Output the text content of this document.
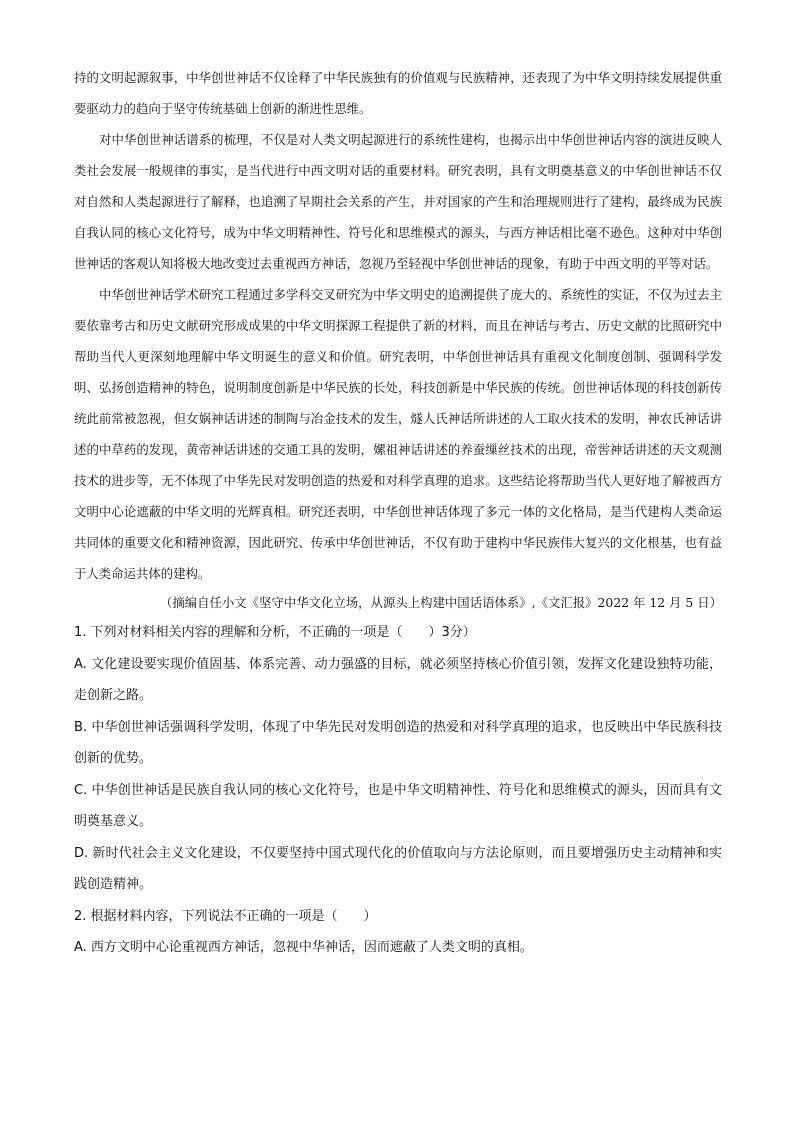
持的文明起源叙事，中华创世神话不仅诠释了中华民族独有的价值观与民族精神，还表现了为中华文明持续发展提供重要驱动力的趋向于坚守传统基础上创新的渐进性思维。

对中华创世神话谱系的梳理，不仅是对人类文明起源进行的系统性建构，也揭示出中华创世神话内容的演进反映人类社会发展一般规律的事实，是当代进行中西文明对话的重要材料。研究表明，具有文明奠基意义的中华创世神话不仅对自然和人类起源进行了解释，也追溯了早期社会关系的产生，并对国家的产生和治理规则进行了建构，最终成为民族自我认同的核心文化符号，成为中华文明精神性、符号化和思维模式的源头，与西方神话相比毫不逊色。这种对中华创世神话的客观认知将极大地改变过去重视西方神话，忽视乃至轻视中华创世神话的现象，有助于中西文明的平等对话。

中华创世神话学术研究工程通过多学科交叉研究为中华文明史的追溯提供了庞大的、系统性的实证，不仅为过去主要依靠考古和历史文献研究形成成果的中华文明探源工程提供了新的材料，而且在神话与考古、历史文献的比照研究中帮助当代人更深刻地理解中华文明诞生的意义和价值。研究表明，中华创世神话具有重视文化制度创制、强调科学发明、弘扬创造精神的特色，说明制度创新是中华民族的长处，科技创新是中华民族的传统。创世神话体现的科技创新传统此前常被忽视，但女娲神话讲述的制陶与冶金技术的发生，燧人氏神话所讲述的人工取火技术的发明，神农氏神话讲述的中草药的发现，黄帝神话讲述的交通工具的发明，嫘祖神话讲述的养蚕缫丝技术的出现，帝喾神话讲述的天文观测技术的进步等，无不体现了中华先民对发明创造的热爱和对科学真理的追求。这些结论将帮助当代人更好地了解被西方文明中心论遮蔽的中华文明的光辉真相。研究还表明，中华创世神话体现了多元一体的文化格局，是当代建构人类命运共同体的重要文化和精神资源，因此研究、传承中华创世神话，不仅有助于建构中华民族伟大复兴的文化根基，也有益于人类命运共体的建构。

（摘编自任小文《坚守中华文化立场，从源头上构建中国话语体系》,《文汇报》2022 年 12 月 5 日）

1. 下列对材料相关内容的理解和分析，不正确的一项是（　　）3分）

A. 文化建设要实现价值固基、体系完善、动力强盛的目标，就必须坚持核心价值引领，发挥文化建设独特功能，走创新之路。

B. 中华创世神话强调科学发明，体现了中华先民对发明创造的热爱和对科学真理的追求，也反映出中华民族科技创新的优势。

C. 中华创世神话是民族自我认同的核心文化符号，也是中华文明精神性、符号化和思维模式的源头，因而具有文明奠基意义。

D. 新时代社会主义文化建设，不仅要坚持中国式现代化的价值取向与方法论原则，而且要增强历史主动精神和实践创造精神。

2. 根据材料内容，下列说法不正确的一项是（　　）

A. 西方文明中心论重视西方神话，忽视中华神话，因而遮蔽了人类文明的真相。
